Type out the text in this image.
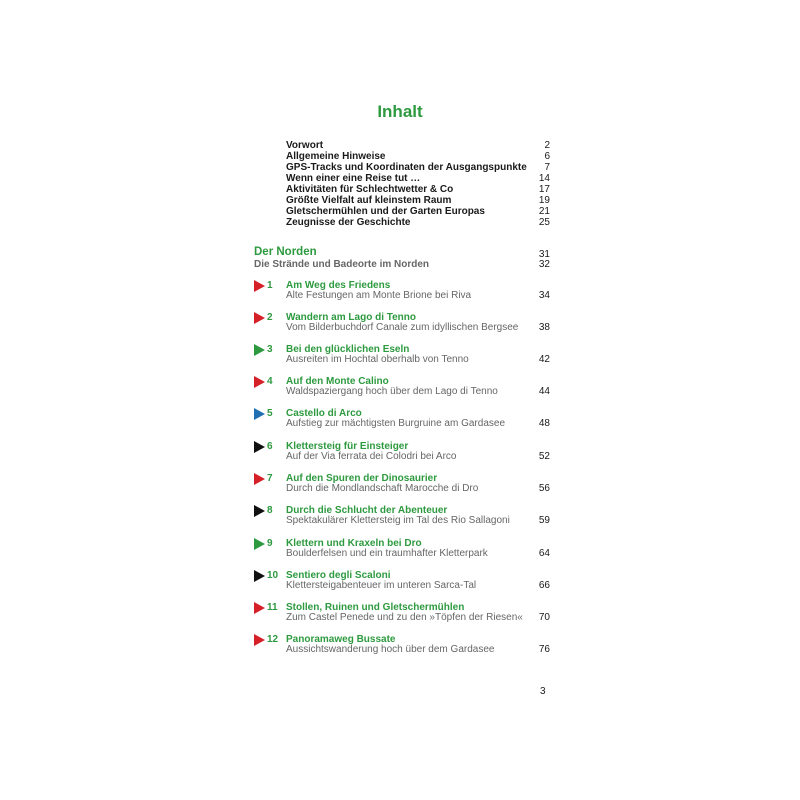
Inhalt
Vorwort	2
Allgemeine Hinweise	6
GPS-Tracks und Koordinaten der Ausgangspunkte 7
Wenn einer eine Reise tut …	14
Aktivitäten für Schlechtwetter & Co	17
Größte Vielfalt auf kleinstem Raum	19
Gletschermühlen und der Garten Europas	21
Zeugnisse der Geschichte	25
Der Norden	31
Die Strände und Badeorte im Norden	32
1 Am Weg des Friedens
Alte Festungen am Monte Brione bei Riva	34
2 Wandern am Lago di Tenno
Vom Bilderbuchdorf Canale zum idyllischen Bergsee 38
3 Bei den glücklichen Eseln
Ausreiten im Hochtal oberhalb von Tenno	42
4 Auf den Monte Calino
Waldspaziergang hoch über dem Lago di Tenno	44
5 Castello di Arco
Aufstieg zur mächtigsten Burgruine am Gardasee	48
6 Klettersteig für Einsteiger
Auf der Via ferrata dei Colodri bei Arco	52
7 Auf den Spuren der Dinosaurier
Durch die Mondlandschaft Marocche di Dro	56
8 Durch die Schlucht der Abenteuer
Spektakulärer Klettersteig im Tal des Rio Sallagoni	59
9 Klettern und Kraxeln bei Dro
Boulderfelsen und ein traumhafter Kletterpark	64
10 Sentiero degli Scaloni
Klettersteigabenteuer im unteren Sarca-Tal	66
11 Stollen, Ruinen und Gletschermühlen
Zum Castel Penede und zu den »Töpfen der Riesen« 70
12 Panoramaweg Bussate
Aussichtswanderung hoch über dem Gardasee	76
3
